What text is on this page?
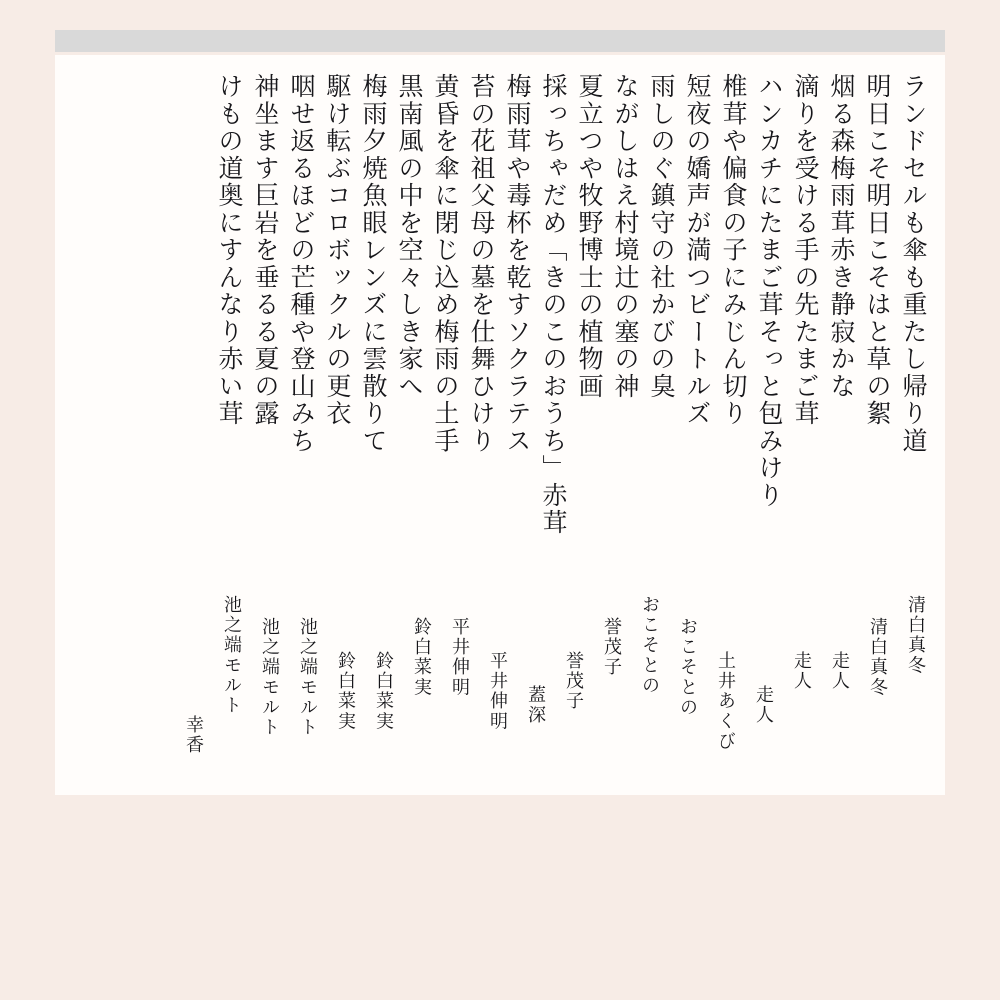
ランドセルも傘も重たし帰り道
明日こそ明日こそはと草の絮
烟る森梅雨茸赤き静寂かな
滴りを受ける手の先たまご茸
ハンカチにたまご茸そっと包みけり
椎茸や偏食の子にみじん切り
短夜の嬌声が満つビートルズ
雨しのぐ鎮守の社かびの臭
ながしはえ村境辻の塞の神
夏立つや牧野博士の植物画
採っちゃだめ「きのこのおうち」赤茸
梅雨茸や毒杯を乾すソクラテス
苔の花祖父母の墓を仕舞ひけり
黄昏を傘に閉じ込め梅雨の土手
黒南風の中を空々しき家へ
梅雨夕焼魚眼レンズに雲散りて
駆け転ぶコロボックルの更衣
咽せ返るほどの芒種や登山みち
神坐ます巨岩を垂るる夏の露
けもの道奥にすんなり赤い茸
清白真冬
清白真冬
走人
走人
走人
土井あくび
おこそとの
おこそとの
誉茂子
誉茂子
蓋深
平井伸明
平井伸明
鈴白菜実
鈴白菜実
鈴白菜実
池之端モルト
池之端モルト
池之端モルト
幸香
